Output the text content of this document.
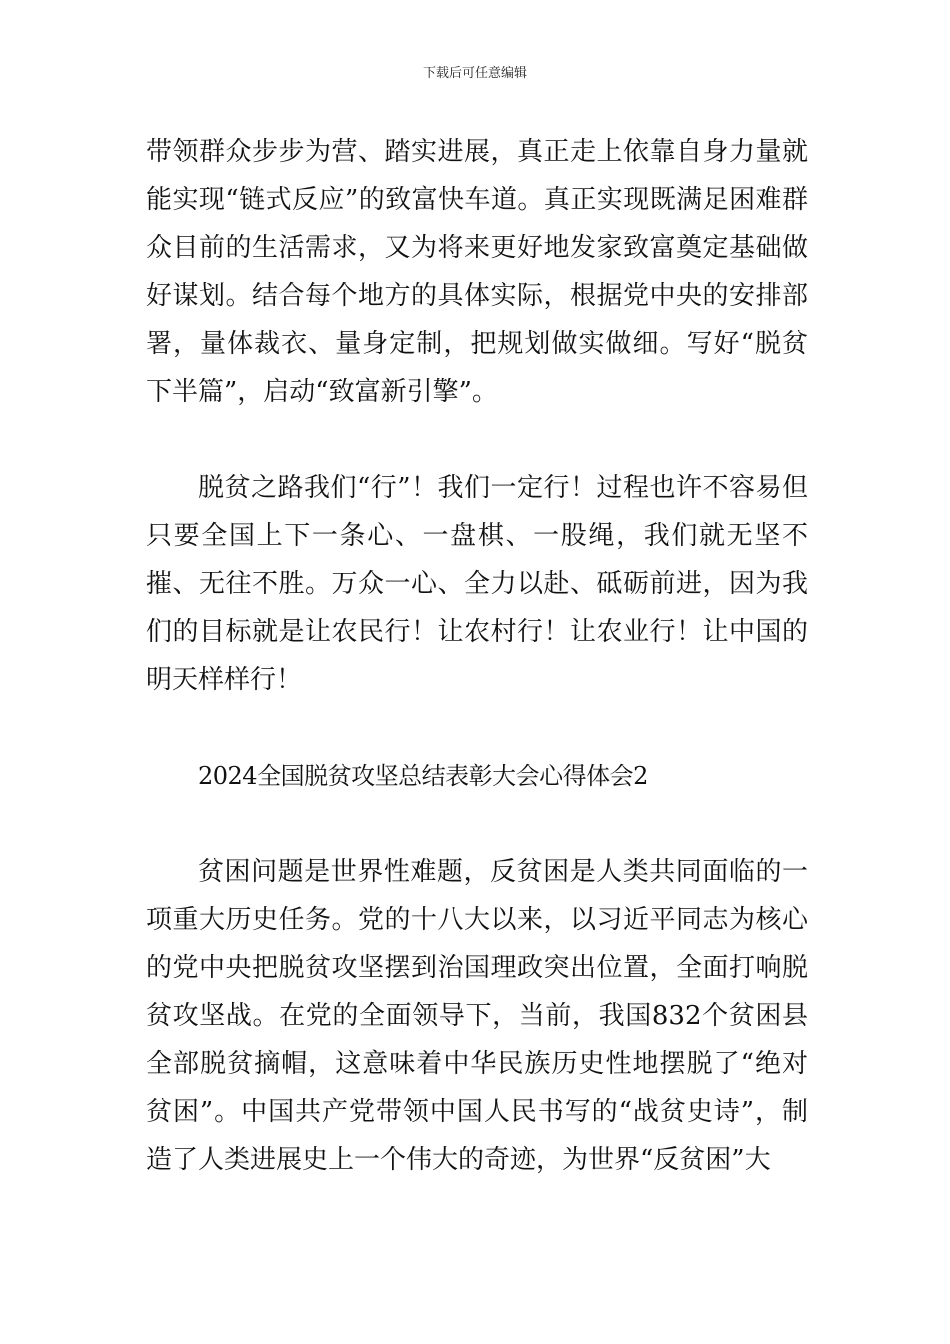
下载后可任意编辑

带领群众步步为营、踏实进展，真正走上依靠自身力量就能实现“链式反应”的致富快车道。真正实现既满足困难群众目前的生活需求，又为将来更好地发家致富奠定基础做好谋划。结合每个地方的具体实际，根据党中央的安排部署，量体裁衣、量身定制，把规划做实做细。写好“脱贫下半篇”，启动“致富新引擎”。

脱贫之路我们“行”！我们一定行！过程也许不容易但只要全国上下一条心、一盘棋、一股绳，我们就无坚不摧、无往不胜。万众一心、全力以赴、砥砺前进，因为我们的目标就是让农民行！让农村行！让农业行！让中国的明天样样行！

2024全国脱贫攻坚总结表彰大会心得体会2

贫困问题是世界性难题，反贫困是人类共同面临的一项重大历史任务。党的十八大以来，以习近平同志为核心的党中央把脱贫攻坚摆到治国理政突出位置，全面打响脱贫攻坚战。在党的全面领导下，当前，我国832个贫困县全部脱贫摘帽，这意味着中华民族历史性地摆脱了“绝对贫困”。中国共产党带领中国人民书写的“战贫史诗”，制造了人类进展史上一个伟大的奇迹，为世界“反贫困”大
